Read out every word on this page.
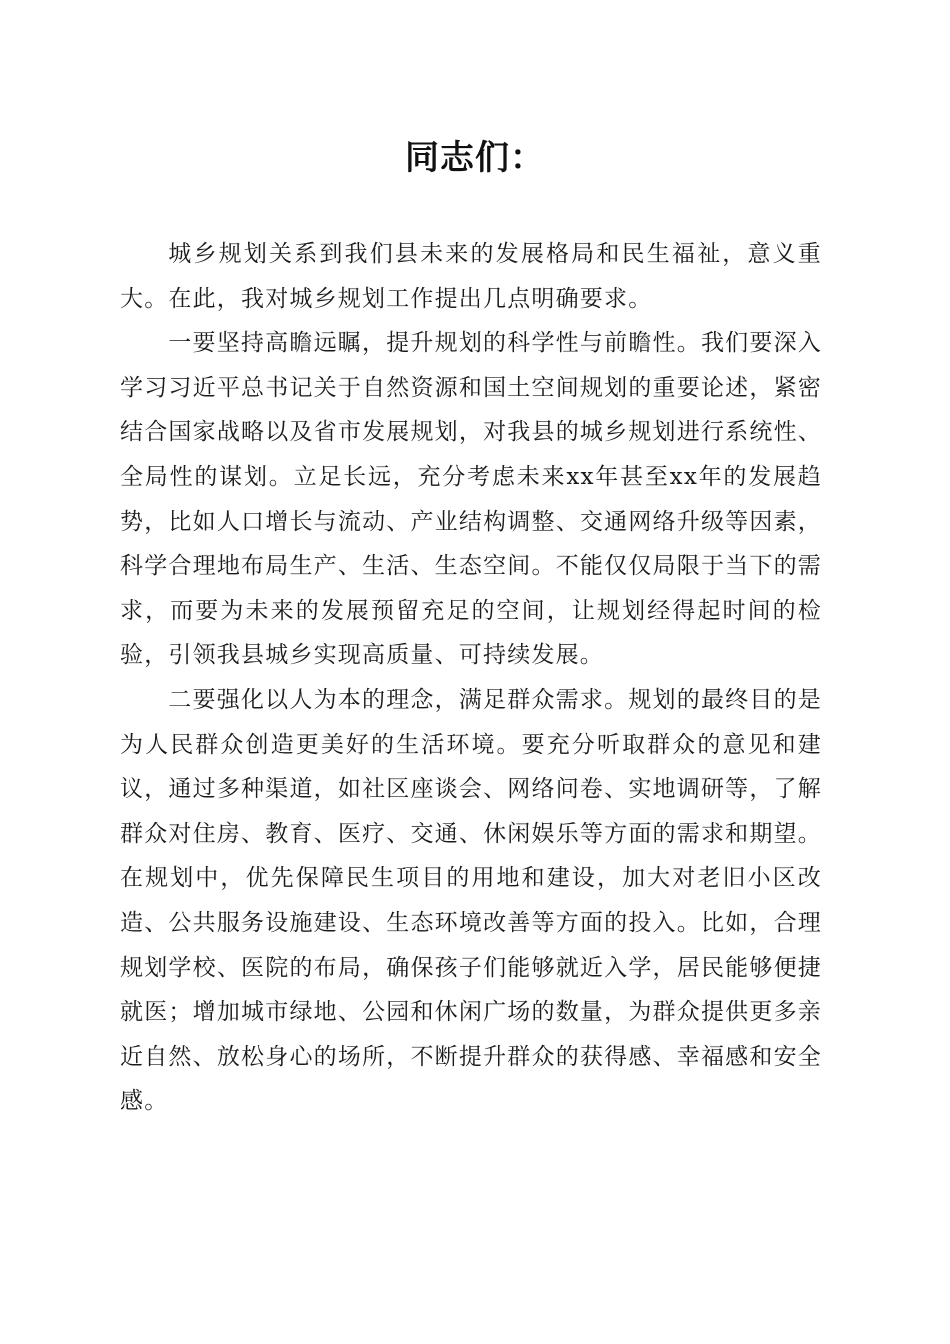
同志们：

城乡规划关系到我们县未来的发展格局和民生福祉，意义重大。在此，我对城乡规划工作提出几点明确要求。

一要坚持高瞻远瞩，提升规划的科学性与前瞻性。我们要深入学习习近平总书记关于自然资源和国土空间规划的重要论述，紧密结合国家战略以及省市发展规划，对我县的城乡规划进行系统性、全局性的谋划。立足长远，充分考虑未来xx年甚至xx年的发展趋势，比如人口增长与流动、产业结构调整、交通网络升级等因素，科学合理地布局生产、生活、生态空间。不能仅仅局限于当下的需求，而要为未来的发展预留充足的空间，让规划经得起时间的检验，引领我县城乡实现高质量、可持续发展。

二要强化以人为本的理念，满足群众需求。规划的最终目的是为人民群众创造更美好的生活环境。要充分听取群众的意见和建议，通过多种渠道，如社区座谈会、网络问卷、实地调研等，了解群众对住房、教育、医疗、交通、休闲娱乐等方面的需求和期望。在规划中，优先保障民生项目的用地和建设，加大对老旧小区改造、公共服务设施建设、生态环境改善等方面的投入。比如，合理规划学校、医院的布局，确保孩子们能够就近入学，居民能够便捷就医；增加城市绿地、公园和休闲广场的数量，为群众提供更多亲近自然、放松身心的场所，不断提升群众的获得感、幸福感和安全感。
